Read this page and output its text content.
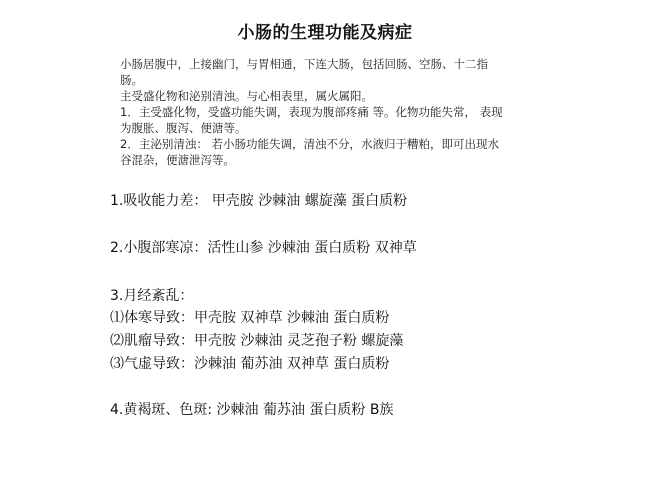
小肠的生理功能及病症

小肠居腹中，上接幽门，与胃相通，下连大肠，包括回肠、空肠、十二指

肠。

主受盛化物和泌别清浊。与心相表里，属火属阳。

1．主受盛化物，受盛功能失调，表现为腹部疼痛 等。化物功能失常， 表现

为腹胀、腹泻、便溏等。

2．主泌别清浊： 若小肠功能失调，清浊不分，水液归于糟粕，即可出现水

谷混杂，便溏泄泻等。

1.吸收能力差： 甲壳胺 沙棘油 螺旋藻 蛋白质粉

2.小腹部寒凉：活性山参 沙棘油 蛋白质粉 双神草

3.月经紊乱：

⑴体寒导致：甲壳胺 双神草 沙棘油 蛋白质粉

⑵肌瘤导致：甲壳胺 沙棘油 灵芝孢子粉 螺旋藻

⑶气虚导致：沙棘油 葡苏油 双神草 蛋白质粉

4.黄褐斑、色斑: 沙棘油 葡苏油 蛋白质粉 B族
